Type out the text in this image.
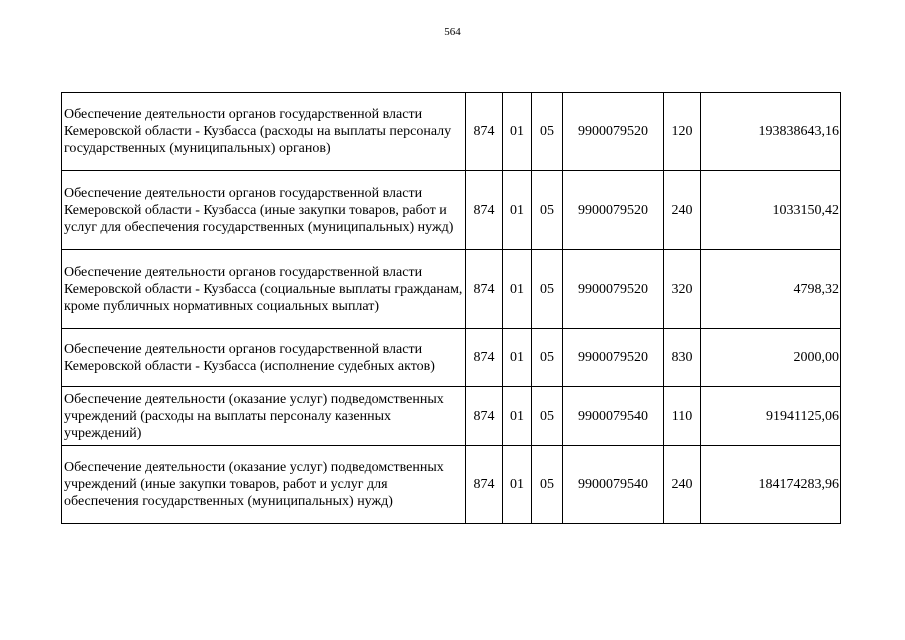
564
Обеспечение деятельности органов государственной власти Кемеровской области - Кузбасса (расходы на выплаты персоналу государственных (муниципальных) органов)	874	01	05	9900079520	120	193838643,16
Обеспечение деятельности органов государственной власти Кемеровской области - Кузбасса (иные закупки товаров, работ и услуг для обеспечения государственных (муниципальных) нужд)	874	01	05	9900079520	240	1033150,42
Обеспечение деятельности органов государственной власти Кемеровской области - Кузбасса (социальные выплаты гражданам, кроме публичных нормативных социальных выплат)	874	01	05	9900079520	320	4798,32
Обеспечение деятельности органов государственной власти Кемеровской области - Кузбасса (исполнение судебных актов)	874	01	05	9900079520	830	2000,00
Обеспечение деятельности (оказание услуг) подведомственных учреждений (расходы на выплаты персоналу казенных учреждений)	874	01	05	9900079540	110	91941125,06
Обеспечение деятельности (оказание услуг) подведомственных учреждений (иные закупки товаров, работ и услуг для обеспечения государственных (муниципальных) нужд)	874	01	05	9900079540	240	184174283,96
